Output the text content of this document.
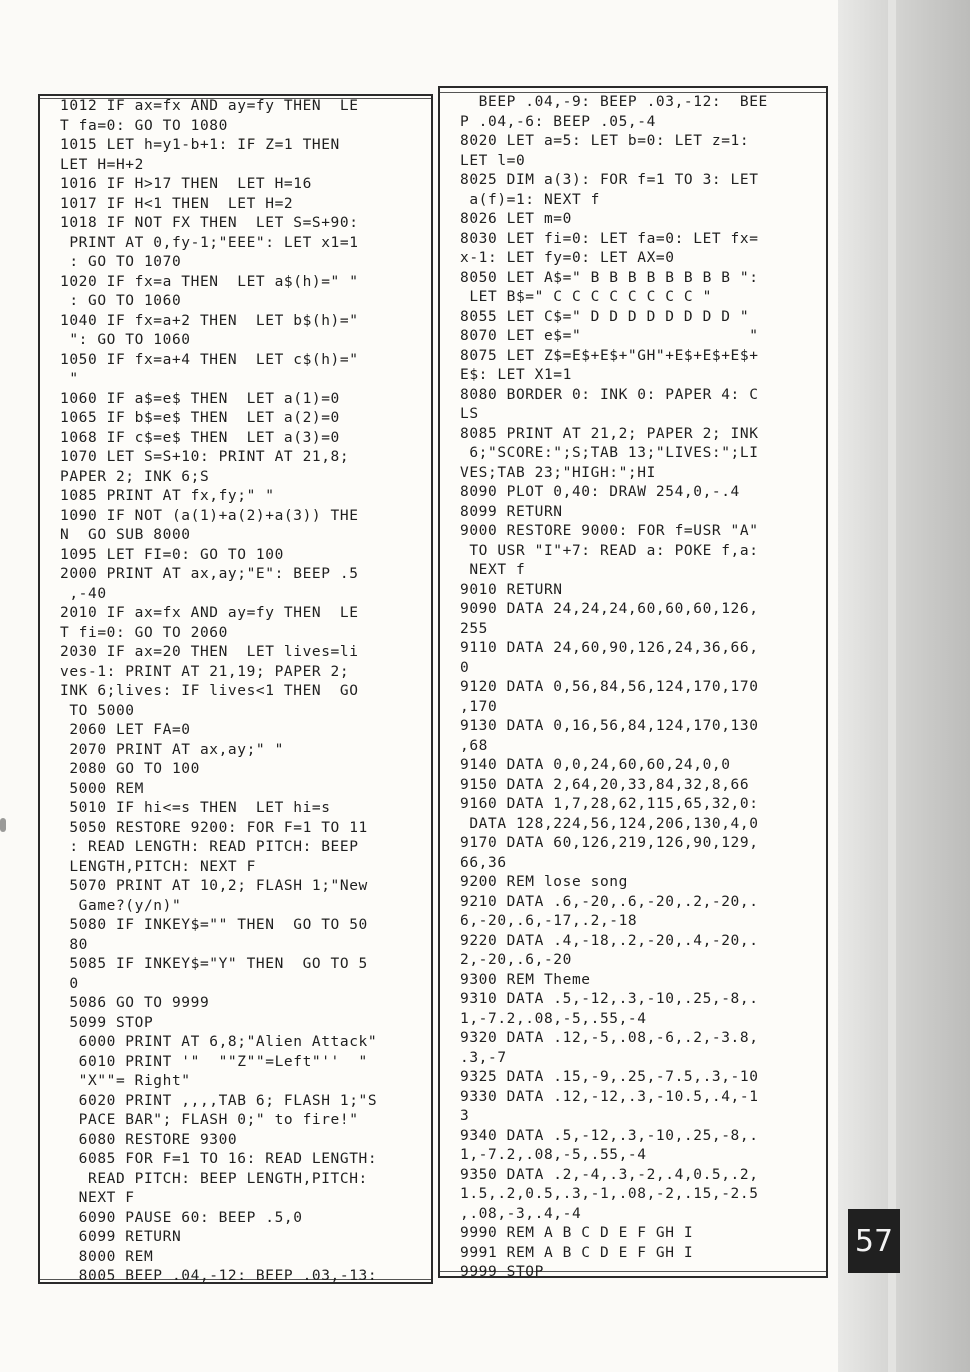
1012 IF ax=fx AND ay=fy THEN  LE
T fa=0: GO TO 1080
1015 LET h=y1-b+1: IF Z=1 THEN
LET H=H+2
1016 IF H>17 THEN  LET H=16
1017 IF H<1 THEN  LET H=2
1018 IF NOT FX THEN  LET S=S+90:
PRINT AT 0,fy-1;"EEE": LET x1=1
: GO TO 1070
1020 IF fx=a THEN  LET a$(h)=" "
: GO TO 1060
1040 IF fx=a+2 THEN  LET b$(h)="
": GO TO 1060
1050 IF fx=a+4 THEN  LET c$(h)="
"
1060 IF a$=e$ THEN  LET a(1)=0
1065 IF b$=e$ THEN  LET a(2)=0
1068 IF c$=e$ THEN  LET a(3)=0
1070 LET S=S+10: PRINT AT 21,8;
PAPER 2; INK 6;S
1085 PRINT AT fx,fy;" "
1090 IF NOT (a(1)+a(2)+a(3)) THE
N  GO SUB 8000
1095 LET FI=0: GO TO 100
2000 PRINT AT ax,ay;"E": BEEP .5
,-40
2010 IF ax=fx AND ay=fy THEN  LE
T fi=0: GO TO 2060
2030 IF ax=20 THEN  LET lives=li
ves-1: PRINT AT 21,19; PAPER 2;
INK 6;lives: IF lives<1 THEN  GO
TO 5000
2060 LET FA=0
2070 PRINT AT ax,ay;" "
2080 GO TO 100
5000 REM
5010 IF hi<=s THEN  LET hi=s
5050 RESTORE 9200: FOR F=1 TO 11
: READ LENGTH: READ PITCH: BEEP
LENGTH,PITCH: NEXT F
5070 PRINT AT 10,2; FLASH 1;"New
Game?(y/n)"
5080 IF INKEY$="" THEN  GO TO 50
80
5085 IF INKEY$="Y" THEN  GO TO 5
0
5086 GO TO 9999
5099 STOP
6000 PRINT AT 6,8;"Alien Attack"
6010 PRINT '"  ""Z""=Left"''  "
"X""= Right"
6020 PRINT ,,,,TAB 6; FLASH 1;"S
PACE BAR"; FLASH 0;" to fire!"
6080 RESTORE 9300
6085 FOR F=1 TO 16: READ LENGTH:
READ PITCH: BEEP LENGTH,PITCH:
NEXT F
6090 PAUSE 60: BEEP .5,0
6099 RETURN
8000 REM
8005 BEEP .04,-12: BEEP .03,-13:
BEEP .04,-9: BEEP .03,-12:  BEE
P .04,-6: BEEP .05,-4
8020 LET a=5: LET b=0: LET z=1:
LET l=0
8025 DIM a(3): FOR f=1 TO 3: LET
a(f)=1: NEXT f
8026 LET m=0
8030 LET fi=0: LET fa=0: LET fx=
x-1: LET fy=0: LET AX=0
8050 LET A$=" B B B B B B B B ":
LET B$=" C C C C C C C C "
8055 LET C$=" D D D D D D D D "
8070 LET e$="                  "
8075 LET Z$=E$+E$+"GH"+E$+E$+E$+
E$: LET X1=1
8080 BORDER 0: INK 0: PAPER 4: C
LS
8085 PRINT AT 21,2; PAPER 2; INK
6;"SCORE:";S;TAB 13;"LIVES:";LI
VES;TAB 23;"HIGH:";HI
8090 PLOT 0,40: DRAW 254,0,-.4
8099 RETURN
9000 RESTORE 9000: FOR f=USR "A"
TO USR "I"+7: READ a: POKE f,a:
NEXT f
9010 RETURN
9090 DATA 24,24,24,60,60,60,126,
255
9110 DATA 24,60,90,126,24,36,66,
0
9120 DATA 0,56,84,56,124,170,170
,170
9130 DATA 0,16,56,84,124,170,130
,68
9140 DATA 0,0,24,60,60,24,0,0
9150 DATA 2,64,20,33,84,32,8,66
9160 DATA 1,7,28,62,115,65,32,0:
DATA 128,224,56,124,206,130,4,0
9170 DATA 60,126,219,126,90,129,
66,36
9200 REM lose song
9210 DATA .6,-20,.6,-20,.2,-20,.
6,-20,.6,-17,.2,-18
9220 DATA .4,-18,.2,-20,.4,-20,.
2,-20,.6,-20
9300 REM Theme
9310 DATA .5,-12,.3,-10,.25,-8,.
1,-7.2,.08,-5,.55,-4
9320 DATA .12,-5,.08,-6,.2,-3.8,
.3,-7
9325 DATA .15,-9,.25,-7.5,.3,-10
9330 DATA .12,-12,.3,-10.5,.4,-1
3
9340 DATA .5,-12,.3,-10,.25,-8,.
1,-7.2,.08,-5,.55,-4
9350 DATA .2,-4,.3,-2,.4,0.5,.2,
1.5,.2,0.5,.3,-1,.08,-2,.15,-2.5
,.08,-3,.4,-4
9990 REM A B C D E F GH I
9991 REM A B C D E F GH I
9999 STOP
57
